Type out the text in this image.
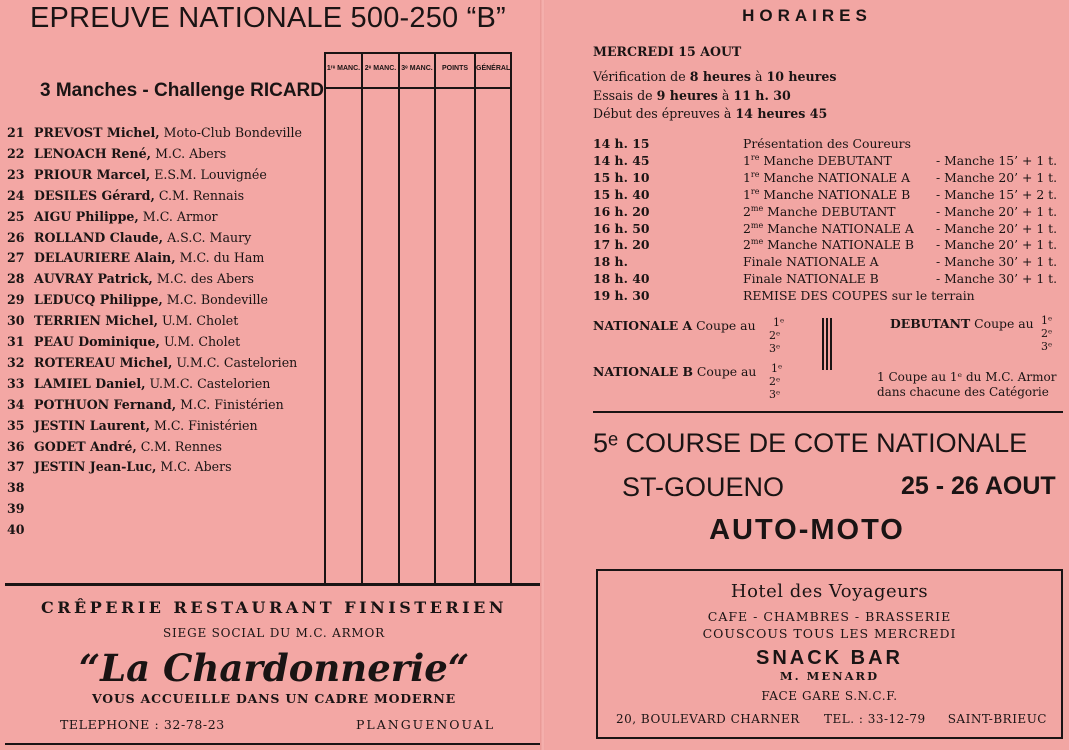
EPREUVE NATIONALE 500-250 “B”
3 Manches - Challenge RICARD
21 PREVOST Michel, Moto-Club Bondeville
22 LENOACH René, M.C. Abers
23 PRIOUR Marcel, E.S.M. Louvignée
24 DESILES Gérard, C.M. Rennais
25 AIGU Philippe, M.C. Armor
26 ROLLAND Claude, A.S.C. Maury
27 DELAURIERE Alain, M.C. du Ham
28 AUVRAY Patrick, M.C. des Abers
29 LEDUCQ Philippe, M.C. Bondeville
30 TERRIEN Michel, U.M. Cholet
31 PEAU Dominique, U.M. Cholet
32 ROTEREAU Michel, U.M.C. Castelorien
33 LAMIEL Daniel, U.M.C. Castelorien
34 POTHUON Fernand, M.C. Finistérien
35 JESTIN Laurent, M.C. Finistérien
36 GODET André, C.M. Rennes
37 JESTIN Jean-Luc, M.C. Abers
38
39
40
1ʳᵉ MANC. 2ᵉ MANC. 3ᵉ MANC.	POINTS	GÉNÉRAL
CRÊPERIE RESTAURANT FINISTERIEN
SIEGE SOCIAL DU M.C. ARMOR
“La Chardonnerie“
VOUS ACCUEILLE DANS UN CADRE MODERNE
TELEPHONE : 32-78-23	PLANGUENOUAL
HORAIRES
MERCREDI 15 AOUT
Vérification de 8 heures à 10 heures
Essais de 9 heures à 11 h. 30
Début des épreuves à 14 heures 45
14 h. 15	Présentation des Coureurs
14 h. 45	1re Manche DEBUTANT	- Manche 15’ + 1 t.
15 h. 10	1re Manche NATIONALE A - Manche 20’ + 1 t.
15 h. 40	1re Manche NATIONALE B - Manche 15’ + 2 t.
16 h. 20	$2^{me}$ Manche DEBUTANT	- Manche 20’ + 1 t.
16 h. 50	$2^{me}$ Manche NATIONALE A - Manche 20’ + 1 t.
17 h. 20	$2^{me}$ Manche NATIONALE B - Manche 20’ + 1 t.
18 h.	Finale NATIONALE A	- Manche 30’ + 1 t.
18 h. 40	Finale NATIONALE B	- Manche 30’ + 1 t.
19 h. 30	REMISE DES COUPES sur le terrain
NATIONALE A Coupe au 1ᵉ
2ᵉ
3ᵉ
NATIONALE B Coupe au 1ᵉ
2ᵉ
3ᵉ
DEBUTANT Coupe au 1ᵉ
2ᵉ
3ᵉ
1 Coupe au 1ᵉ du M.C. Armor
dans chacune des Catégorie
5ᵉ COURSE DE COTE NATIONALE
ST-GOUENO	25 - 26 AOUT
AUTO-MOTO
Hotel des Voyageurs
CAFE - CHAMBRES - BRASSERIE
COUSCOUS TOUS LES MERCREDI
SNACK BAR
M. MENARD
FACE GARE S.N.C.F.
20, BOULEVARD CHARNER TEL. : 33-12-79 SAINT-BRIEUC
